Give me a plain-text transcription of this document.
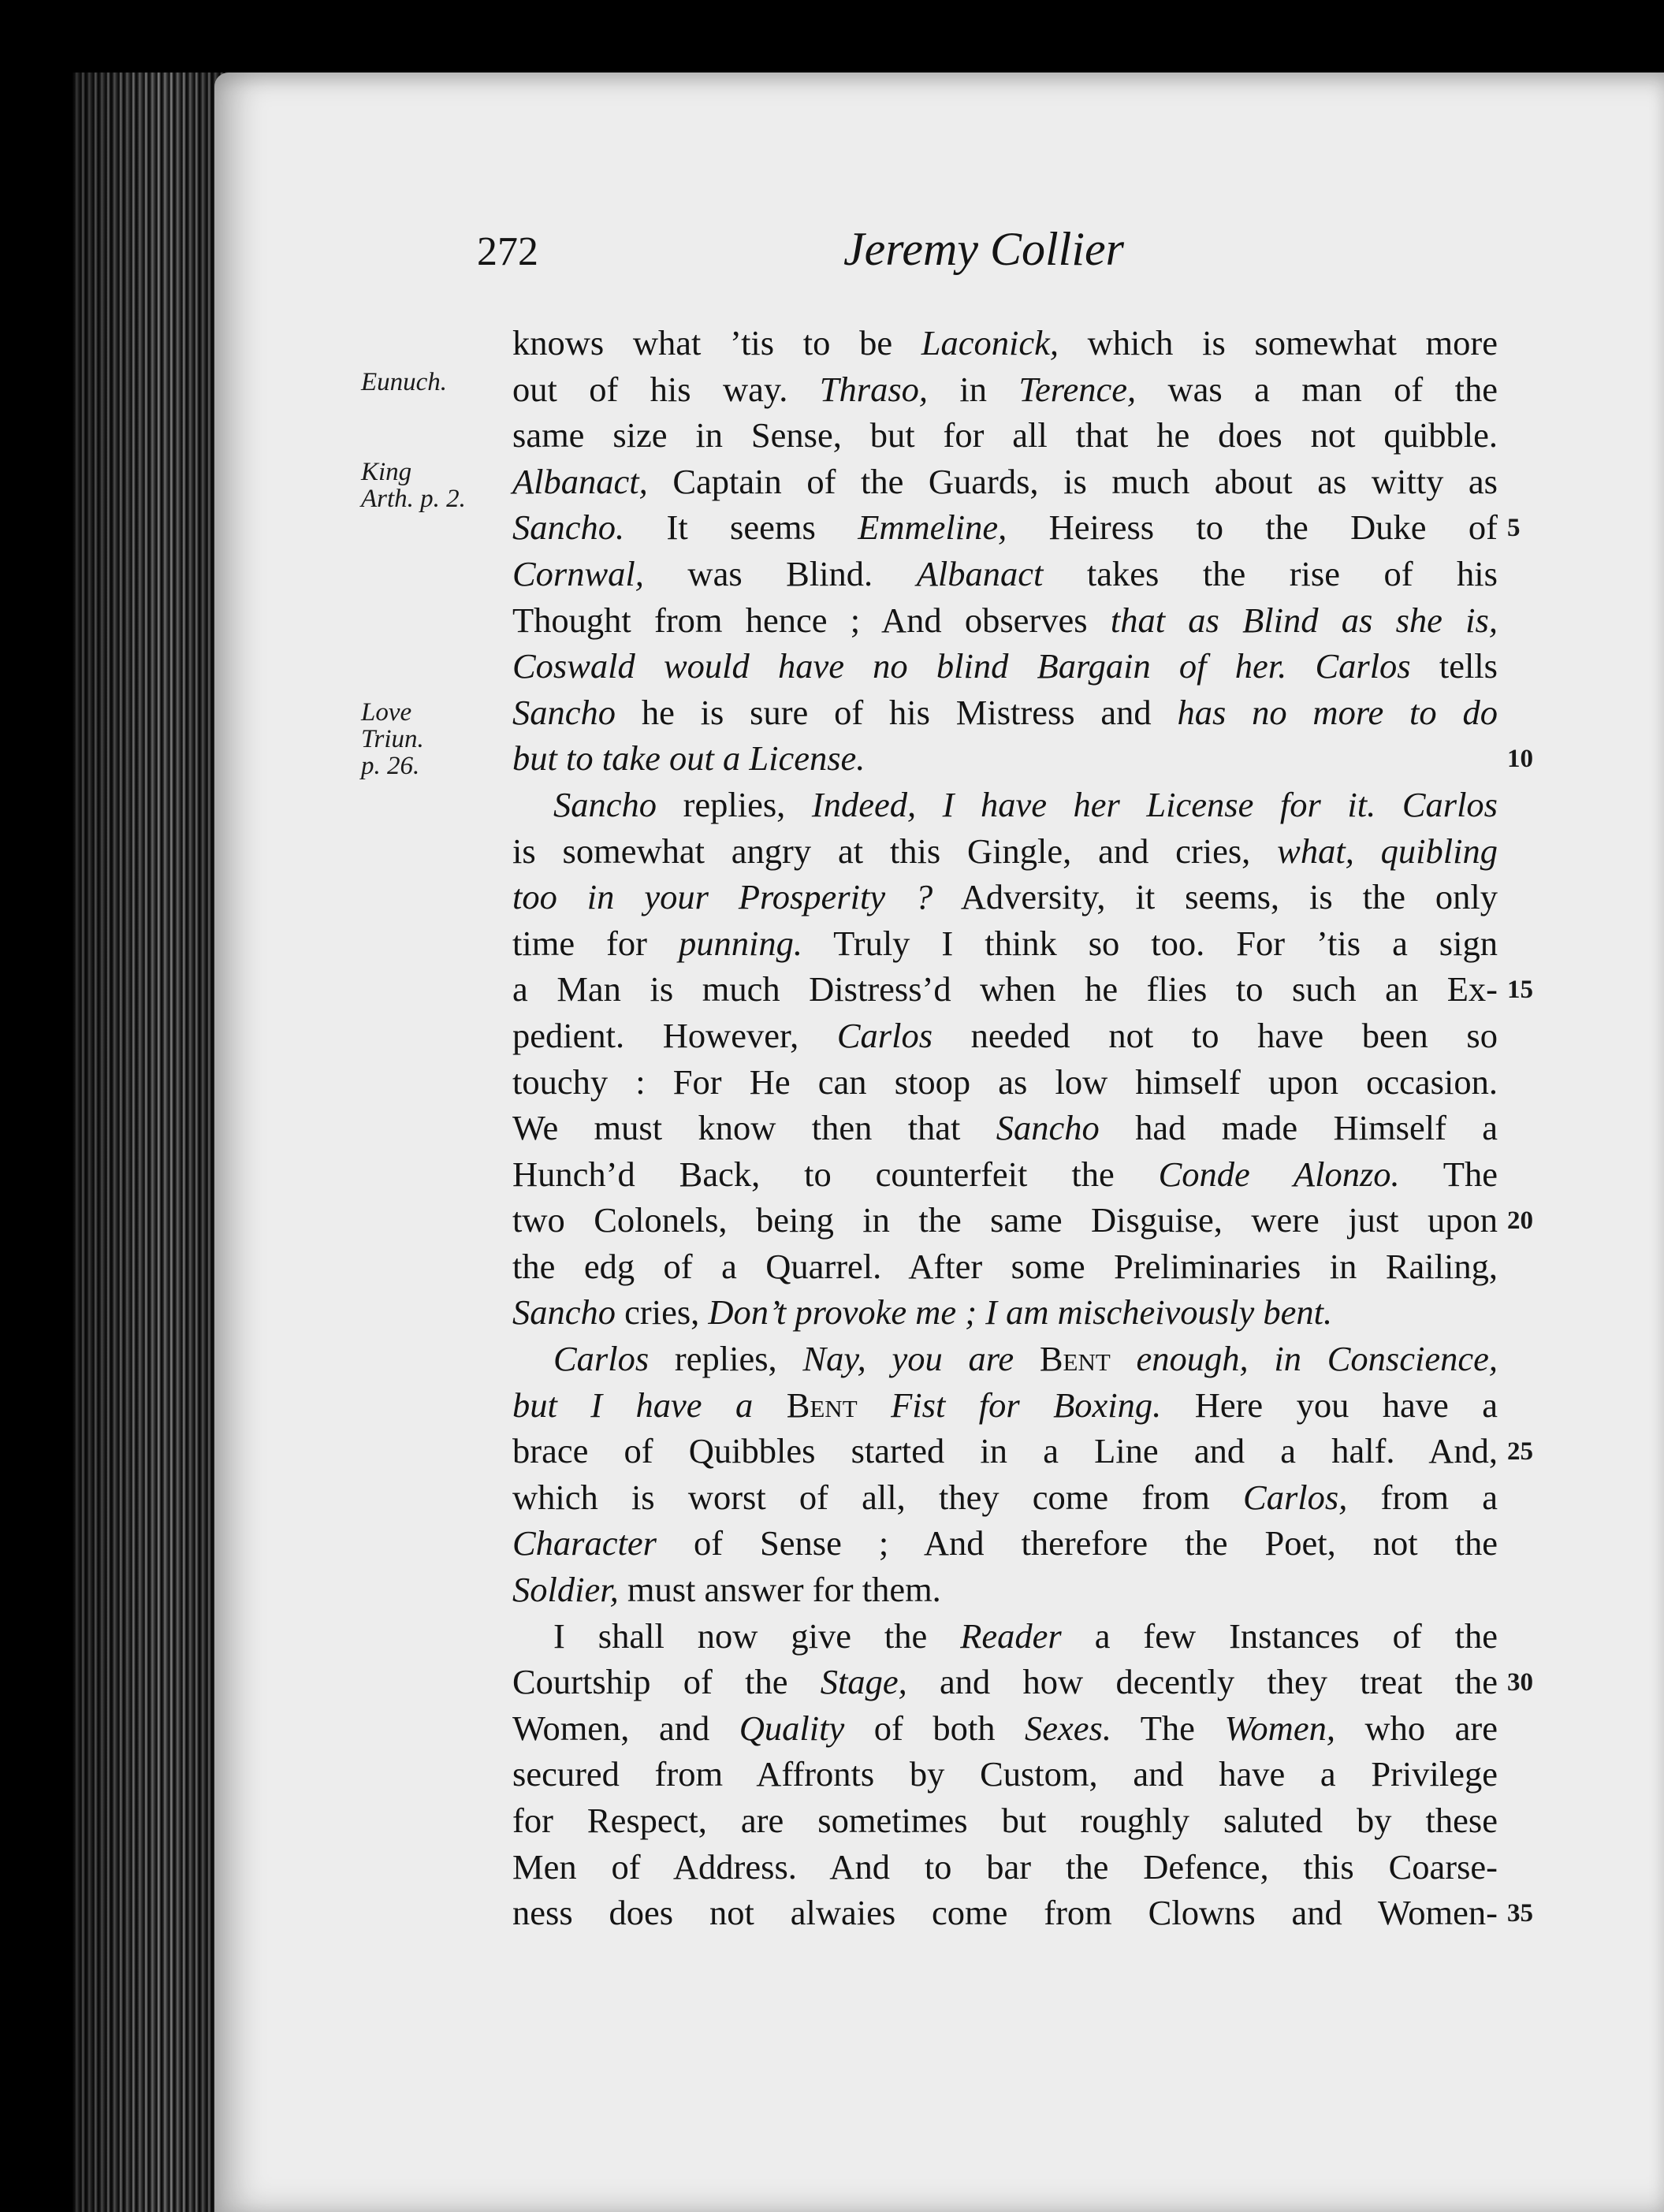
272	Jeremy Collier
Eunuch.
King
Arth. p. 2.
Love
Triun.
p. 26.
knows what ’tis to be Laconick, which is somewhat more
out of his way. Thraso, in Terence, was a man of the
same size in Sense, but for all that he does not quibble.
Albanact, Captain of the Guards, is much about as witty as
Sancho. It seems Emmeline, Heiress to the Duke of
Cornwal, was Blind. Albanact takes the rise of his
Thought from hence ; And observes that as Blind as she is,
Coswald would have no blind Bargain of her. Carlos tells
Sancho he is sure of his Mistress and has no more to do
but to take out a License.
Sancho replies, Indeed, I have her License for it. Carlos
is somewhat angry at this Gingle, and cries, what, quibling
too in your Prosperity ? Adversity, it seems, is the only
time for punning. Truly I think so too. For ’tis a sign
a Man is much Distress’d when he flies to such an Ex-
pedient. However, Carlos needed not to have been so
touchy : For He can stoop as low himself upon occasion.
We must know then that Sancho had made Himself a
Hunch’d Back, to counterfeit the Conde Alonzo. The
two Colonels, being in the same Disguise, were just upon
the edg of a Quarrel. After some Preliminaries in Railing,
Sancho cries, Don’t provoke me ; I am mischeivously bent.
Carlos replies, Nay, you are Bent enough, in Conscience,
but I have a Bent Fist for Boxing. Here you have a
brace of Quibbles started in a Line and a half. And,
which is worst of all, they come from Carlos, from a
Character of Sense ; And therefore the Poet, not the
Soldier, must answer for them.
I shall now give the Reader a few Instances of the
Courtship of the Stage, and how decently they treat the
Women, and Quality of both Sexes. The Women, who are
secured from Affronts by Custom, and have a Privilege
for Respect, are sometimes but roughly saluted by these
Men of Address. And to bar the Defence, this Coarse-
ness does not alwaies come from Clowns and Women-
5
10
15
20
25
30
35
